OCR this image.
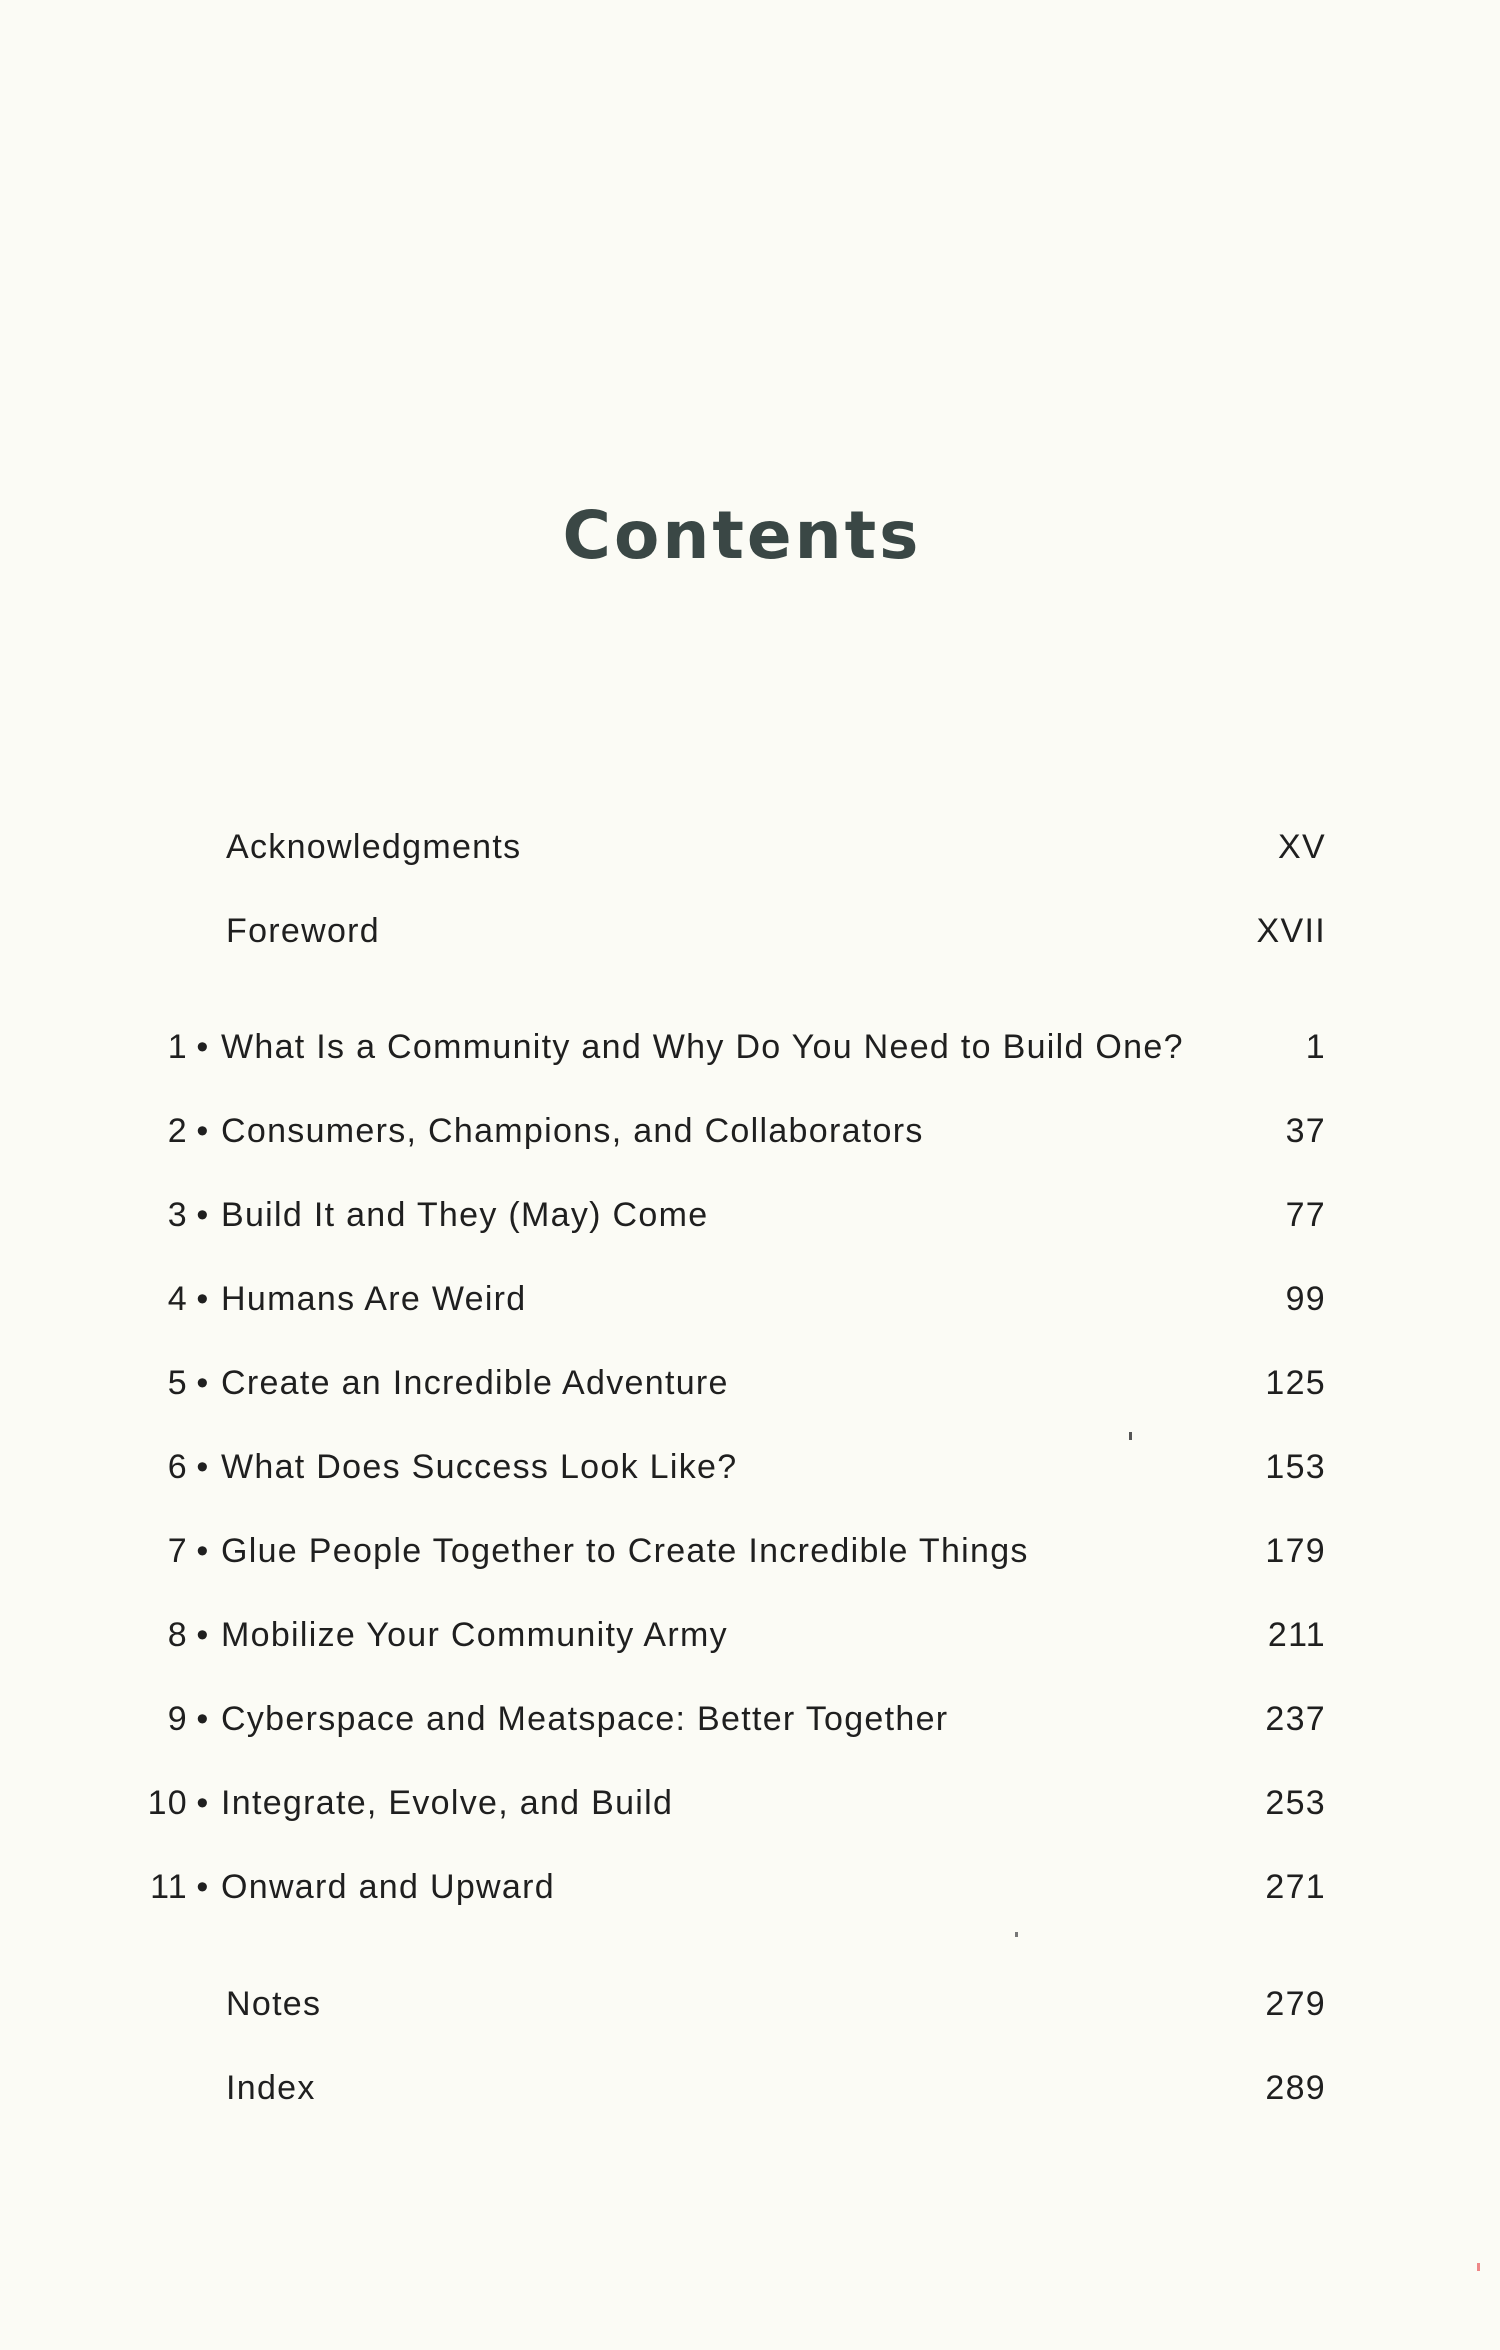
Contents
Acknowledgments	XV
Foreword	XVII
1 • What Is a Community and Why Do You Need to Build One?	1
2 • Consumers, Champions, and Collaborators	37
3 • Build It and They (May) Come	77
4 • Humans Are Weird	99
5 • Create an Incredible Adventure	125
6 • What Does Success Look Like?	153
7 • Glue People Together to Create Incredible Things	179
8 • Mobilize Your Community Army	211
9 • Cyberspace and Meatspace: Better Together	237
10 • Integrate, Evolve, and Build	253
11 • Onward and Upward	271
Notes	279
Index	289
